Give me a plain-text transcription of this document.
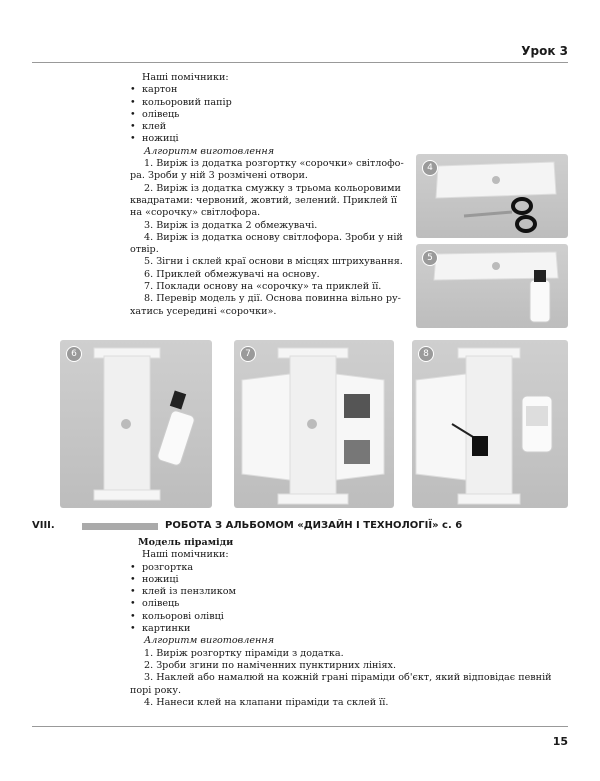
Урок 3

Наші помічники:

• картон
• кольоровий папір
• олівець
• клей
• ножиці

Алгоритм виготовлення

1. Виріж із додатка розгортку «сорочки» світлофо-

ра. Зроби у ній 3 розмічені отвори.

2. Виріж із додатка смужку з трьома кольоровими

квадратами: червоний, жовтий, зелений. Приклей її

на «сорочку» світлофора.

3. Виріж із додатка 2 обмежувачі.

4. Виріж із додатка основу світлофора. Зроби у ній

отвір.

5. Зігни і склей краї основи в місцях штрихування.

6. Приклей обмежувачі на основу.

7. Поклади основу на «сорочку» та приклей її.

8. Перевір модель у дії. Основа повинна вільно ру-

хатись усередині «сорочки».

4
5
6	7	8
VIII.	РОБОТА З АЛЬБОМОМ «ДИЗАЙН І ТЕХНОЛОГІЇ» с. 6

Модель піраміди

Наші помічники:

• розгортка
• ножиці
• клей із пензликом
• олівець
• кольорові олівці
• картинки

Алгоритм виготовлення

1. Виріж розгортку піраміди з додатка.

2. Зроби згини по наміченних пунктирних лініях.

3. Наклей або намалюй на кожній грані піраміди об'єкт, який відповідає певній

порі року.

4. Нанеси клей на клапани піраміди та склей її.

15
